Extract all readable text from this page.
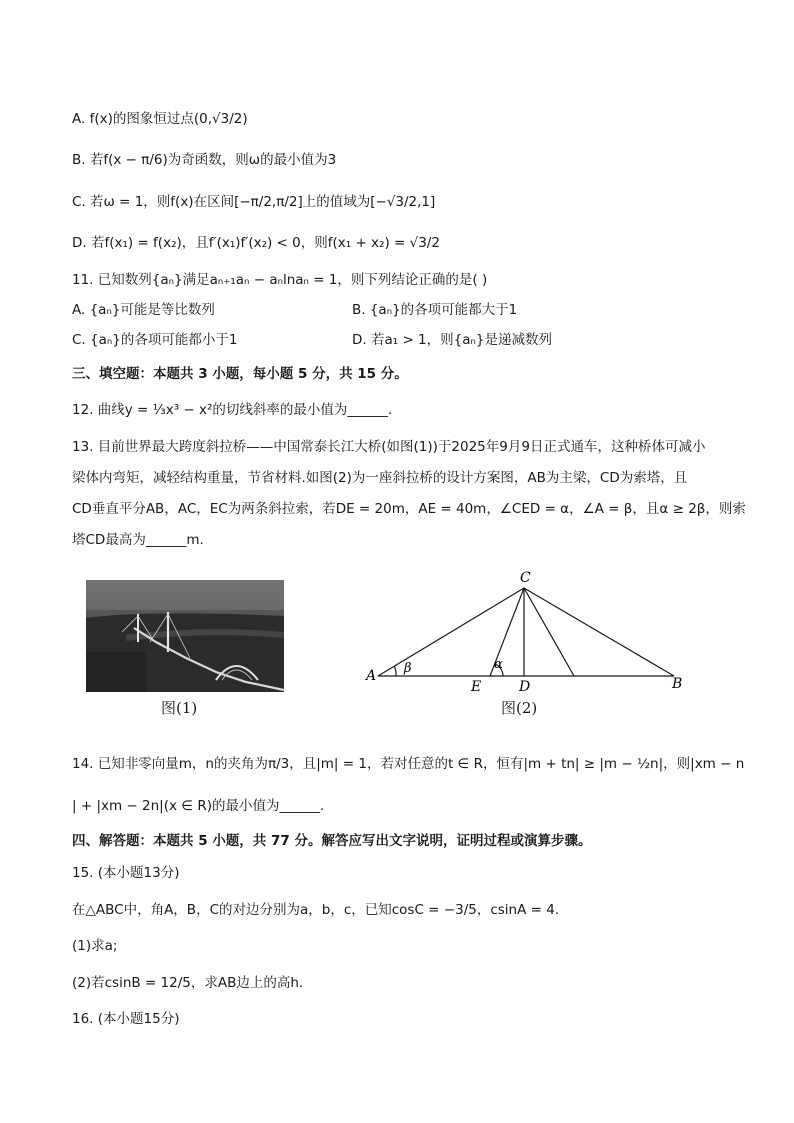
A. f(x)的图象恒过点(0,√3/2)
B. 若f(x − π/6)为奇函数，则ω的最小值为3
C. 若ω = 1，则f(x)在区间[−π/2,π/2]上的值域为[−√3/2,1]
D. 若f(x₁) = f(x₂)，且f′(x₁)f′(x₂) < 0，则f(x₁ + x₂) = √3/2
11. 已知数列{aₙ}满足aₙ₊₁aₙ − aₙlnaₙ = 1，则下列结论正确的是( )
A. {aₙ}可能是等比数列	B. {aₙ}的各项可能都大于1
C. {aₙ}的各项可能都小于1	D. 若a₁ > 1，则{aₙ}是递减数列
三、填空题：本题共 3 小题，每小题 5 分，共 15 分。
12. 曲线y = ⅓x³ − x²的切线斜率的最小值为______.
13. 目前世界最大跨度斜拉桥——中国常泰长江大桥(如图(1))于2025年9月9日正式通车，这种桥体可减小
梁体内弯矩，减轻结构重量，节省材料.如图(2)为一座斜拉桥的设计方案图，AB为主梁，CD为索塔，且
CD垂直平分AB，AC，EC为两条斜拉索，若DE = 20m，AE = 40m，∠CED = α，∠A = β，且α ≥ 2β，则索
塔CD最高为______m.
图(1)
C
A	B
E	D
β	α
图(2)
14. 已知非零向量m，n的夹角为π/3，且|m| = 1，若对任意的t ∈ R，恒有|m + tn| ≥ |m − ½n|，则|xm − n
| + |xm − 2n|(x ∈ R)的最小值为______.
四、解答题：本题共 5 小题，共 77 分。解答应写出文字说明，证明过程或演算步骤。
15. (本小题13分)
在△ABC中，角A，B，C的对边分别为a，b，c，已知cosC = −3/5，csinA = 4.
(1)求a;
(2)若csinB = 12/5，求AB边上的高h.
16. (本小题15分)
